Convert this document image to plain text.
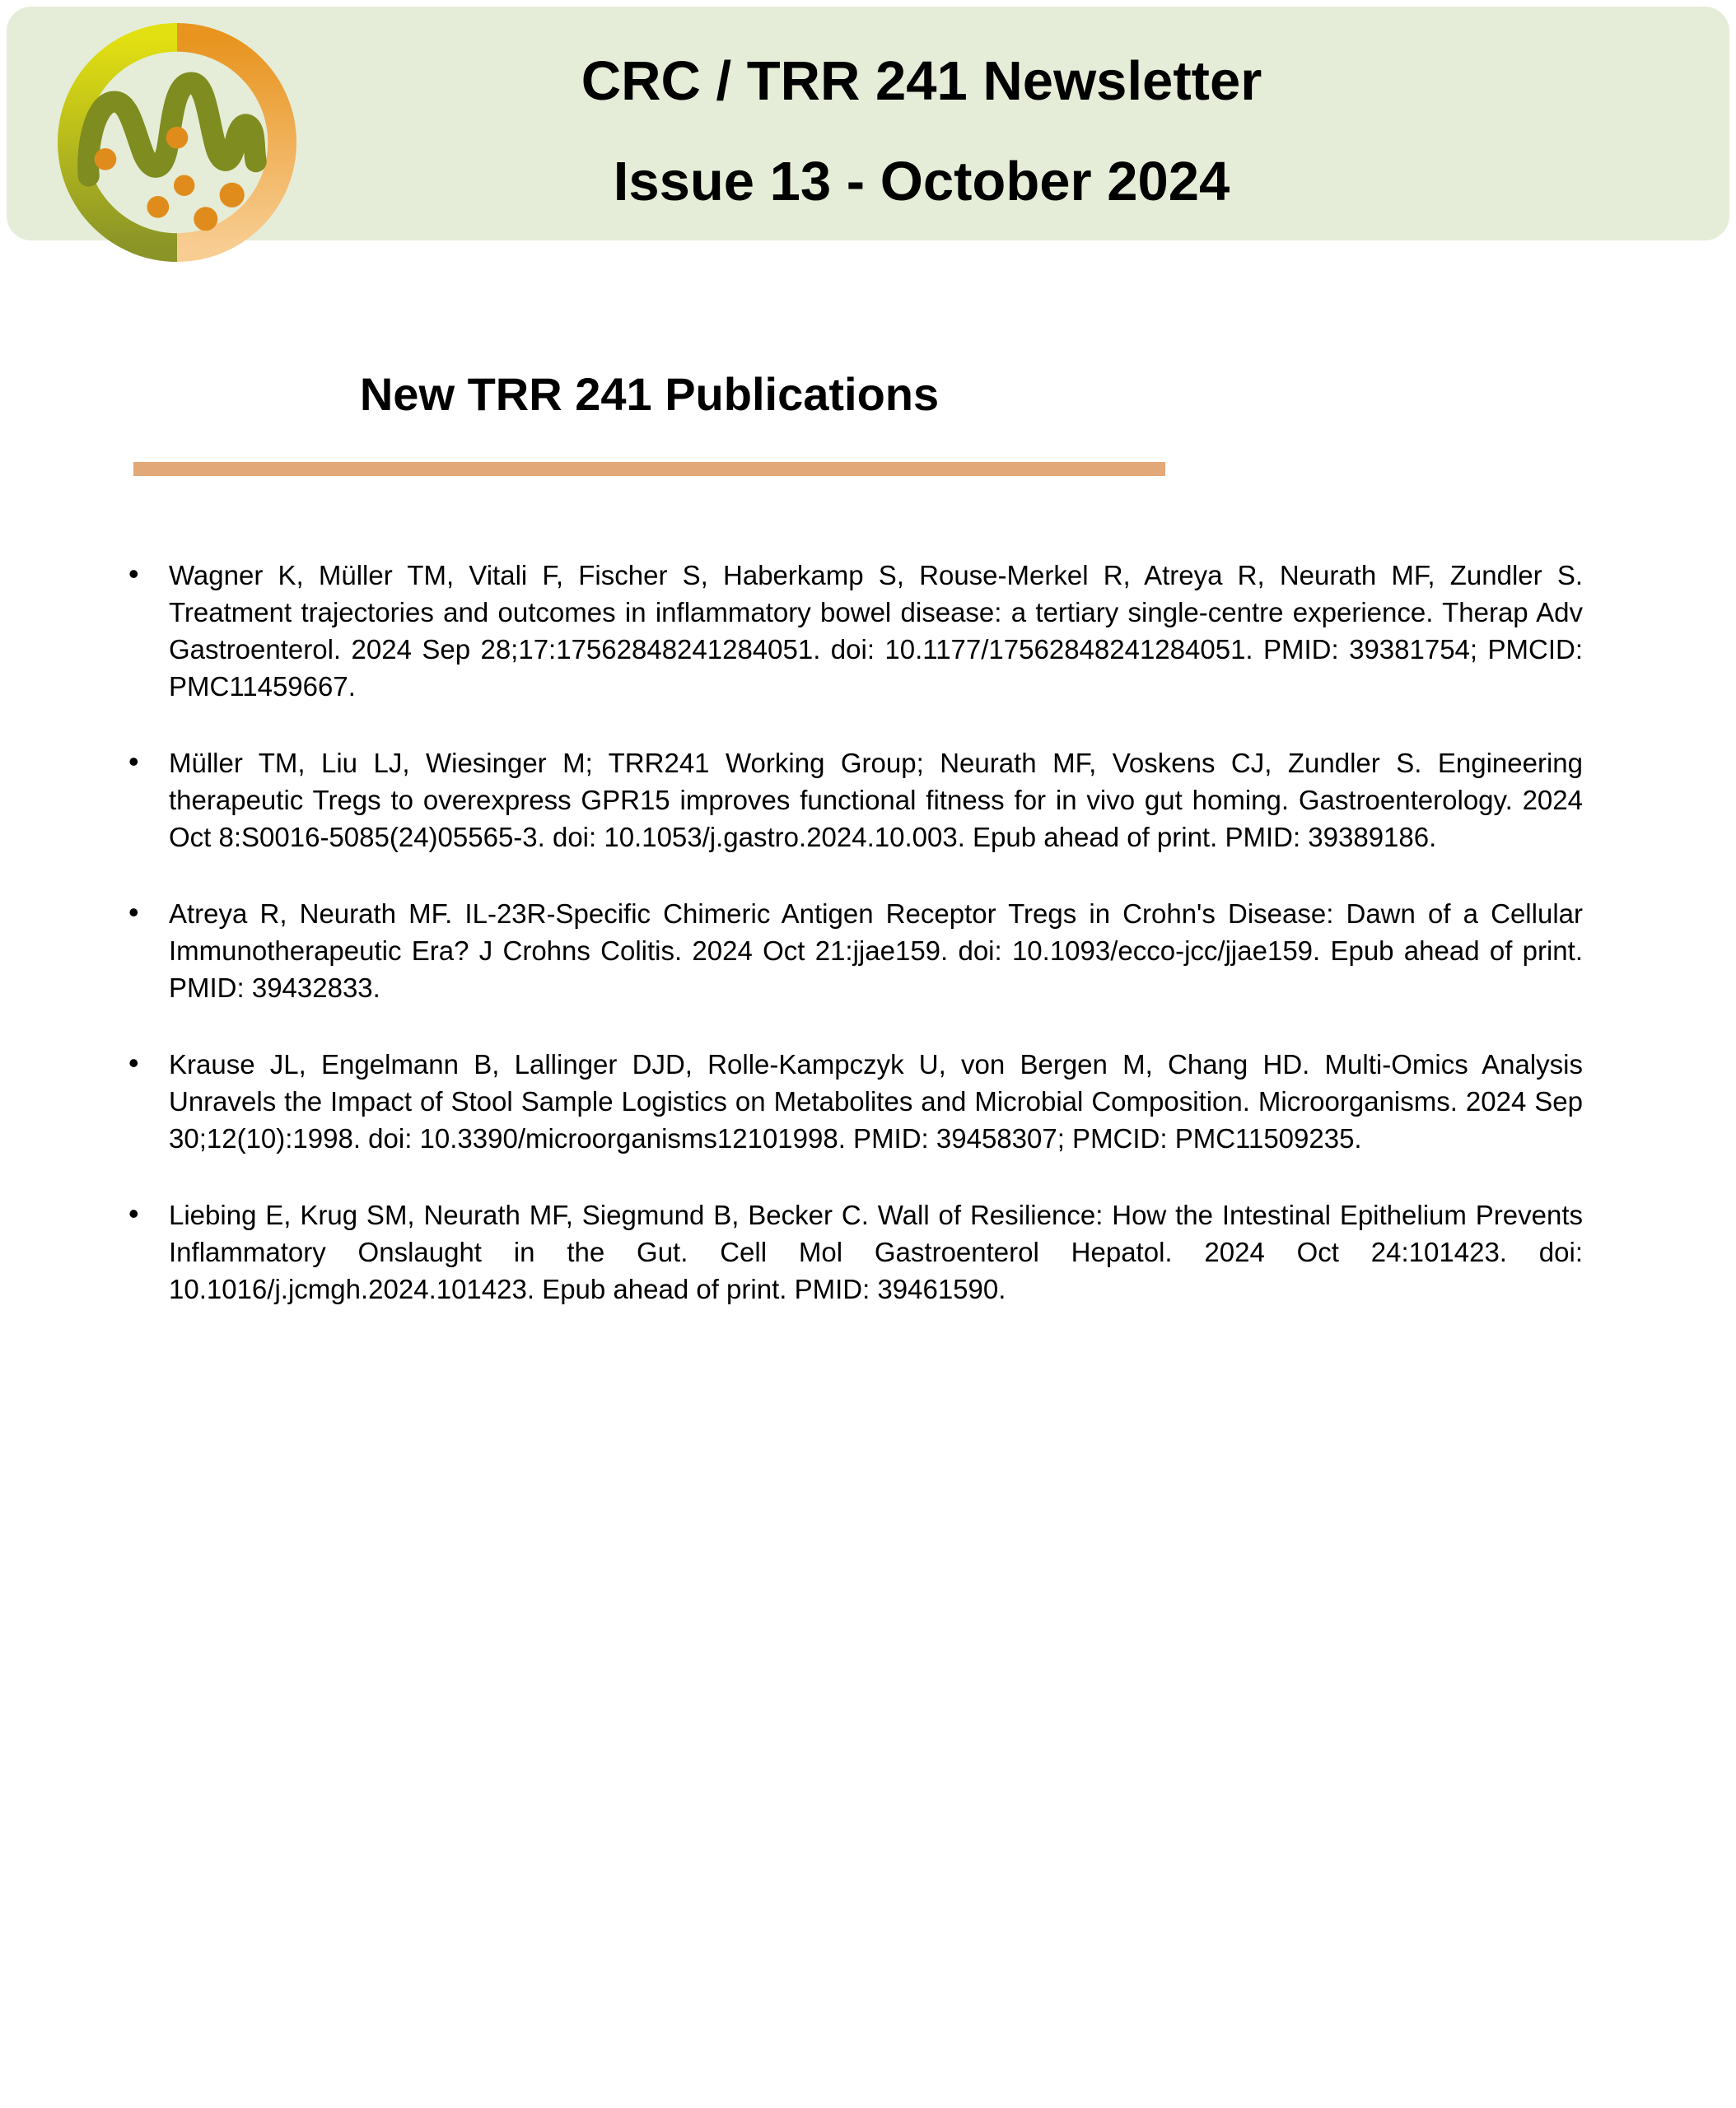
CRC / TRR 241 Newsletter
Issue 13 - October 2024
New TRR 241 Publications
• Wagner K, Müller TM, Vitali F, Fischer S, Haberkamp S, Rouse-Merkel R, Atreya R, Neurath MF, Zundler S. Treatment trajectories and outcomes in inflammatory bowel disease: a tertiary single-centre experience. Therap Adv Gastroenterol. 2024 Sep 28;17:17562848241284051. doi: 10.1177/17562848241284051. PMID: 39381754; PMCID: PMC11459667.
• Müller TM, Liu LJ, Wiesinger M; TRR241 Working Group; Neurath MF, Voskens CJ, Zundler S. Engineering therapeutic Tregs to overexpress GPR15 improves functional fitness for in vivo gut homing. Gastroenterology. 2024 Oct 8:S0016-5085(24)05565-3. doi: 10.1053/j.gastro.2024.10.003. Epub ahead of print. PMID: 39389186.
• Atreya R, Neurath MF. IL-23R-Specific Chimeric Antigen Receptor Tregs in Crohn's Disease: Dawn of a Cellular Immunotherapeutic Era? J Crohns Colitis. 2024 Oct 21:jjae159. doi: 10.1093/ecco-jcc/jjae159. Epub ahead of print. PMID: 39432833.
• Krause JL, Engelmann B, Lallinger DJD, Rolle-Kampczyk U, von Bergen M, Chang HD. Multi-Omics Analysis Unravels the Impact of Stool Sample Logistics on Metabolites and Microbial Composition. Microorganisms. 2024 Sep 30;12(10):1998. doi: 10.3390/microorganisms12101998. PMID: 39458307; PMCID: PMC11509235.
• Liebing E, Krug SM, Neurath MF, Siegmund B, Becker C. Wall of Resilience: How the Intestinal Epithelium Prevents Inflammatory Onslaught in the Gut. Cell Mol Gastroenterol Hepatol. 2024 Oct 24:101423. doi: 10.1016/j.jcmgh.2024.101423. Epub ahead of print. PMID: 39461590.
